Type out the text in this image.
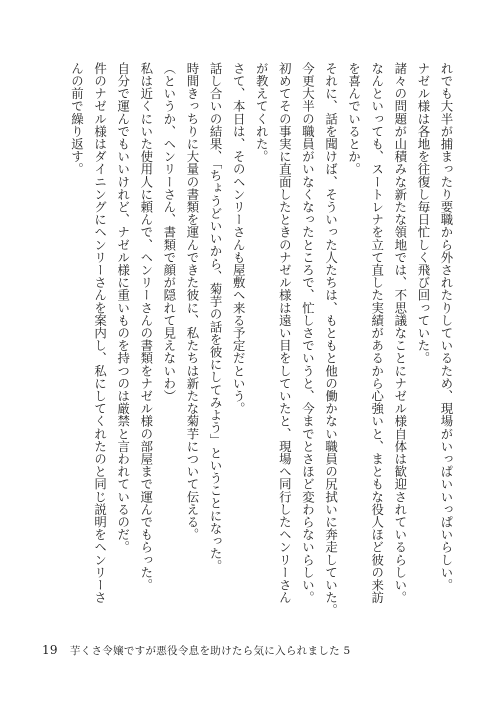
れでも大半が捕まったり要職から外されたりしているため、現場がいっぱいいっぱいらしい。
ナゼル様は各地を往復し毎日忙しく飛び回っていた。
諸々の問題が山積みな新たな領地では、不思議なことにナゼル様自体は歓迎されているらしい。
なんといっても、スートレナを立て直した実績があるから心強いと、まともな役人ほど彼の来訪
を喜んでいるとか。
それに、話を聞けば、そういった人たちは、もともと他の働かない職員の尻拭いに奔走していた。
今更大半の職員がいなくなったところで、忙しさでいうと、今までとさほど変わらないらしい。
初めてその事実に直面したときのナゼル様は遠い目をしていたと、現場へ同行したヘンリーさん
が教えてくれた。
さて、本日は、そのヘンリーさんも屋敷へ来る予定だという。
話し合いの結果、「ちょうどいいから、菊芋の話を彼にしてみよう」ということになった。
時間きっちりに大量の書類を運んできた彼に、私たちは新たな菊芋について伝える。
（というか、ヘンリーさん、書類で顔が隠れて見えないわ）
私は近くにいた使用人に頼んで、ヘンリーさんの書類をナゼル様の部屋まで運んでもらった。
自分で運んでもいいけれど、ナゼル様に重いものを持つのは厳禁と言われているのだ。
件のナゼル様はダイニングにヘンリーさんを案内し、私にしてくれたのと同じ説明をヘンリーさ
んの前で繰り返す。
19 芋くさ令嬢ですが悪役令息を助けたら気に入られました 5
